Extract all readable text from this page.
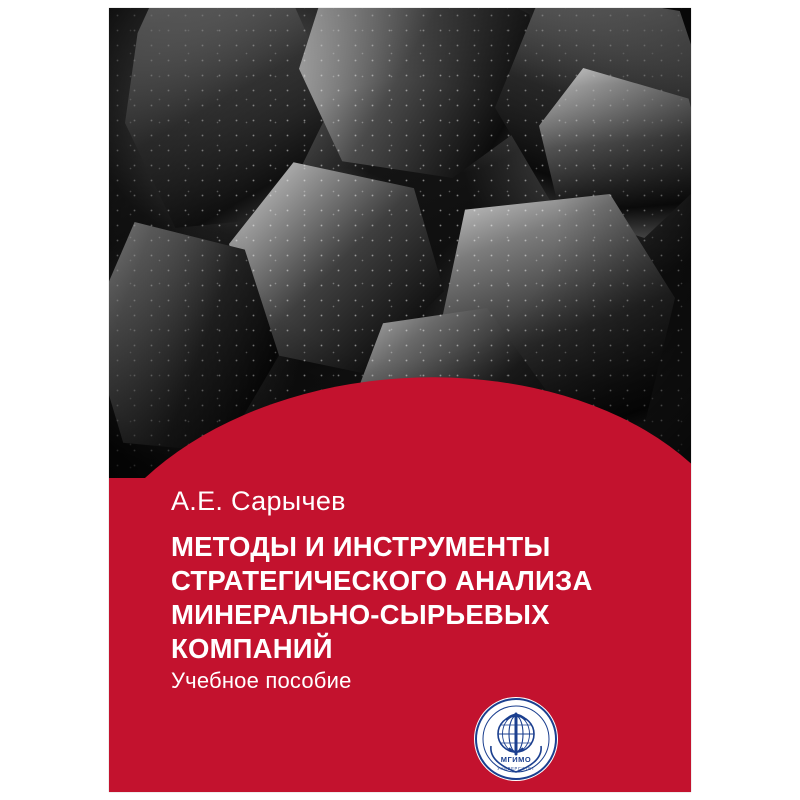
А.Е. Сарычев
МЕТОДЫ И ИНСТРУМЕНТЫ
СТРАТЕГИЧЕСКОГО АНАЛИЗА
МИНЕРАЛЬНО-СЫРЬЕВЫХ
КОМПАНИЙ
Учебное пособие
МГИМО
УНИВЕРСИТЕТ
